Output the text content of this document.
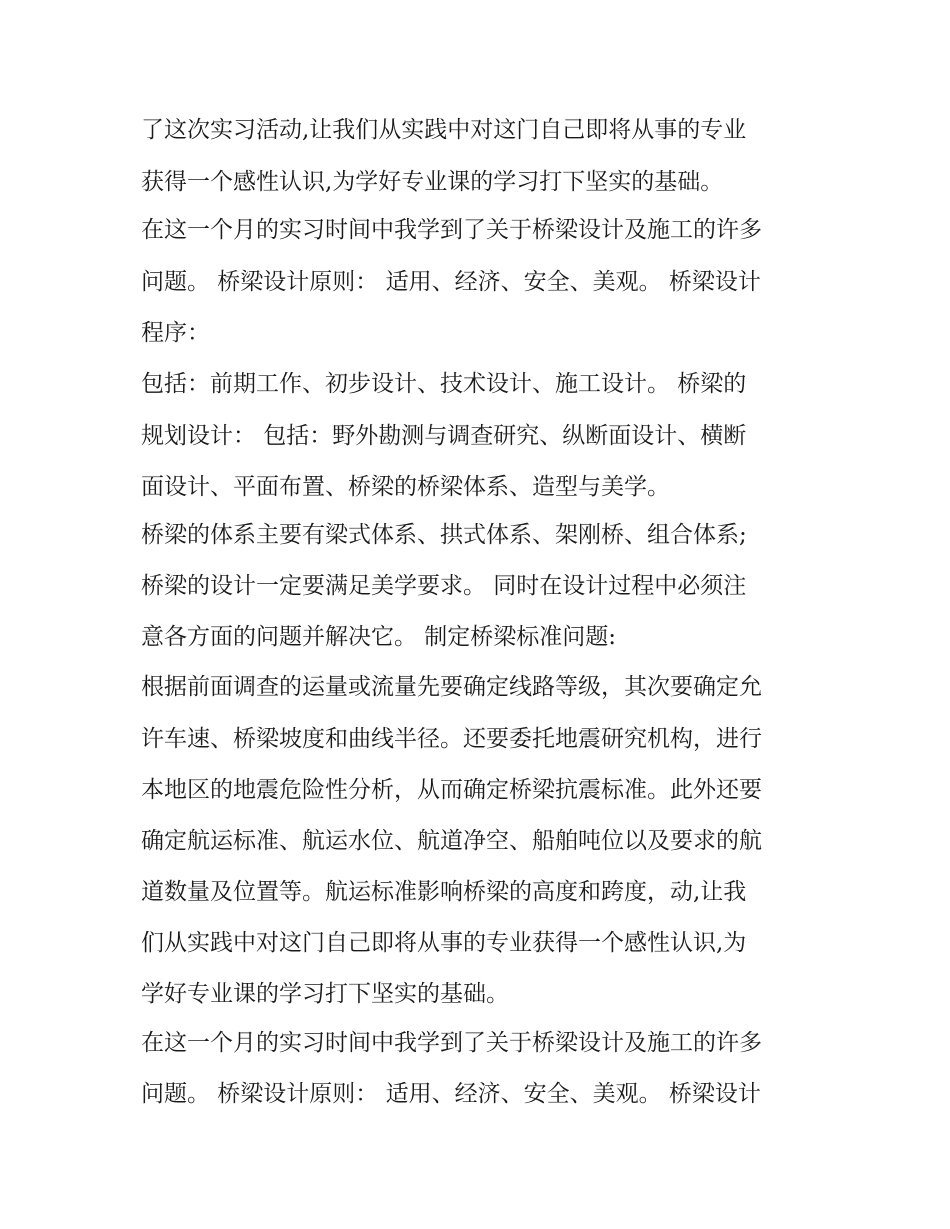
了这次实习活动,让我们从实践中对这门自己即将从事的专业

获得一个感性认识,为学好专业课的学习打下坚实的基础。

在这一个月的实习时间中我学到了关于桥梁设计及施工的许多

问题。 桥梁设计原则： 适用、经济、安全、美观。 桥梁设计

程序：

包括：前期工作、初步设计、技术设计、施工设计。 桥梁的

规划设计： 包括：野外勘测与调查研究、纵断面设计、横断

面设计、平面布置、桥梁的桥梁体系、造型与美学。

桥梁的体系主要有梁式体系、拱式体系、架刚桥、组合体系;

桥梁的设计一定要满足美学要求。 同时在设计过程中必须注

意各方面的问题并解决它。 制定桥梁标准问题:

根据前面调查的运量或流量先要确定线路等级，其次要确定允

许车速、桥梁坡度和曲线半径。还要委托地震研究机构，进行

本地区的地震危险性分析，从而确定桥梁抗震标准。此外还要

确定航运标准、航运水位、航道净空、船舶吨位以及要求的航

道数量及位置等。航运标准影响桥梁的高度和跨度，动,让我

们从实践中对这门自己即将从事的专业获得一个感性认识,为

学好专业课的学习打下坚实的基础。

在这一个月的实习时间中我学到了关于桥梁设计及施工的许多

问题。 桥梁设计原则： 适用、经济、安全、美观。 桥梁设计
